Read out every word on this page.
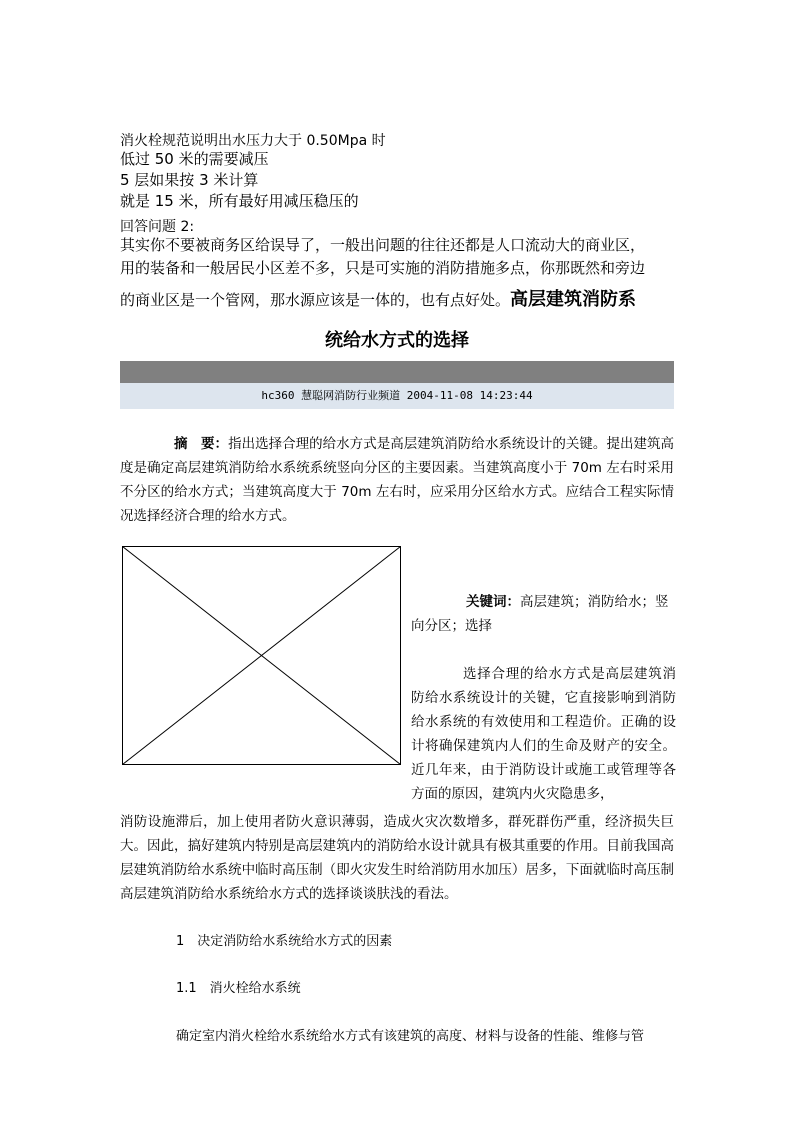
消火栓规范说明出水压力大于 0.50Mpa 时
低过 50 米的需要减压
5 层如果按 3 米计算
就是 15 米，所有最好用减压稳压的
回答问题 2:
其实你不要被商务区给误导了，一般出问题的往往还都是人口流动大的商业区，
用的装备和一般居民小区差不多，只是可实施的消防措施多点，你那既然和旁边
的商业区是一个管网，那水源应该是一体的，也有点好处。高层建筑消防系
统给水方式的选择
hc360 慧聪网消防行业频道 2004-11-08 14:23:44
摘　要：指出选择合理的给水方式是高层建筑消防给水系统设计的关键。提出建筑高度是确定高层建筑消防给水系统系统竖向分区的主要因素。当建筑高度小于 70m 左右时采用不分区的给水方式；当建筑高度大于 70m 左右时，应采用分区给水方式。应结合工程实际情况选择经济合理的给水方式。
关键词：高层建筑；消防给水；竖向分区；选择
选择合理的给水方式是高层建筑消防给水系统设计的关键，它直接影响到消防给水系统的有效使用和工程造价。正确的设计将确保建筑内人们的生命及财产的安全。近几年来，由于消防设计或施工或管理等各方面的原因，建筑内火灾隐患多，
消防设施滞后，加上使用者防火意识薄弱，造成火灾次数增多，群死群伤严重，经济损失巨大。因此，搞好建筑内特别是高层建筑内的消防给水设计就具有极其重要的作用。目前我国高层建筑消防给水系统中临时高压制（即火灾发生时给消防用水加压）居多，下面就临时高压制高层建筑消防给水系统给水方式的选择谈谈肤浅的看法。
1　决定消防给水系统给水方式的因素
1.1　消火栓给水系统
确定室内消火栓给水系统给水方式有该建筑的高度、材料与设备的性能、维修与管
